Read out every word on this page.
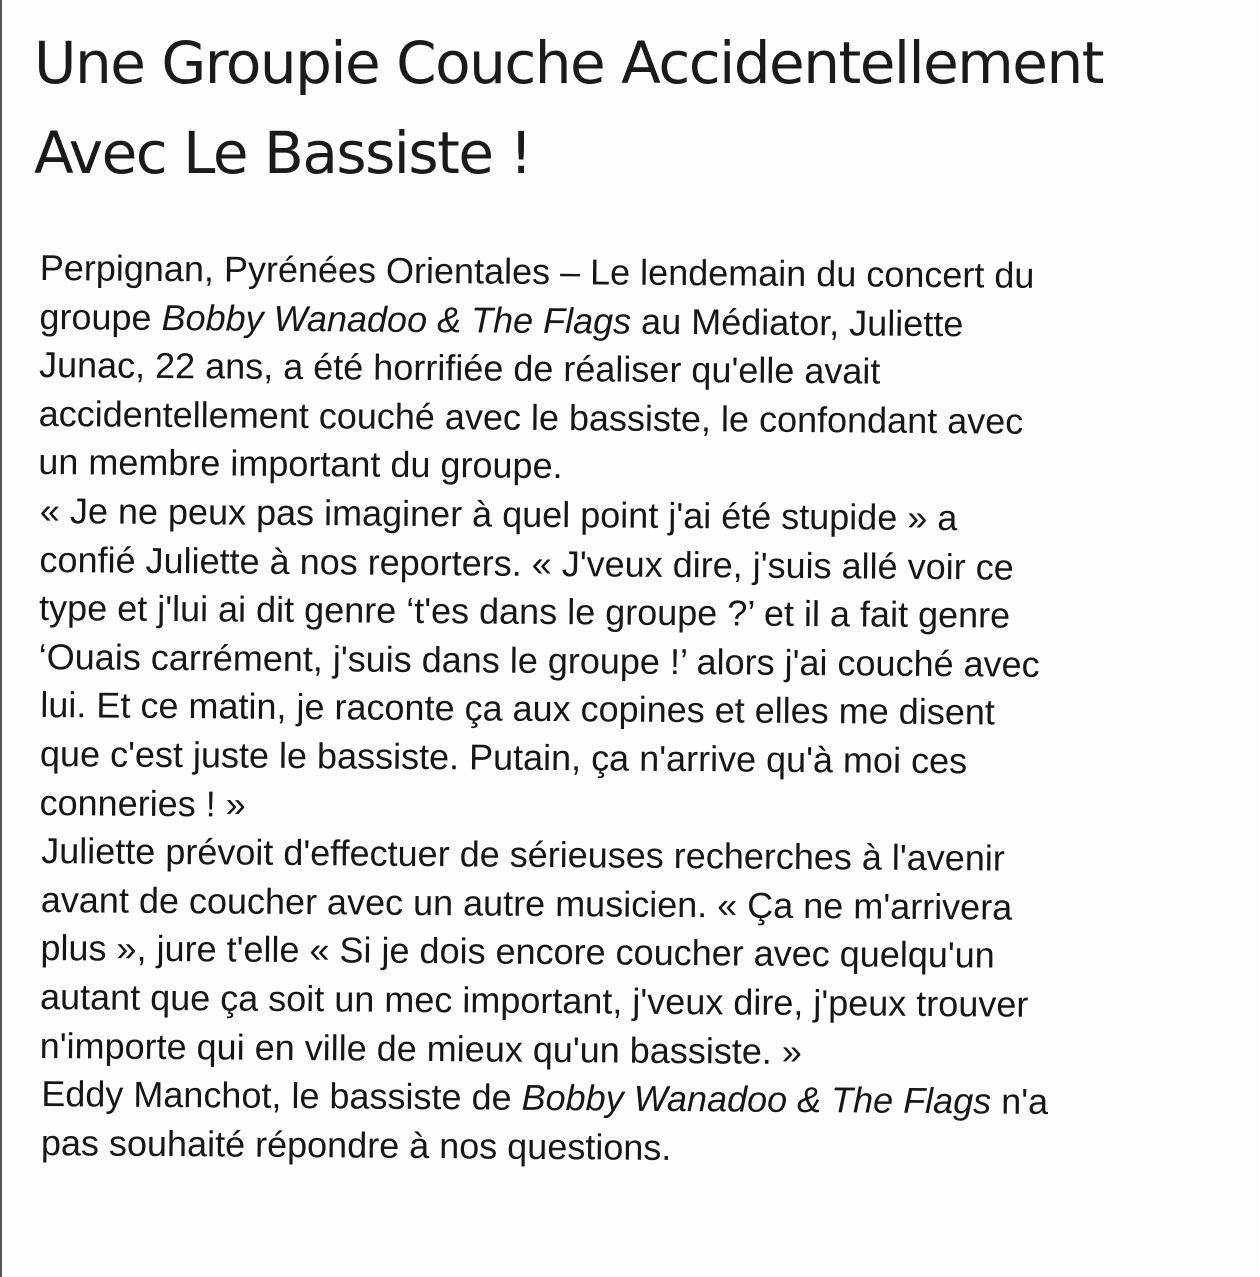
Une Groupie Couche Accidentellement
Avec Le Bassiste !
Perpignan, Pyrénées Orientales – Le lendemain du concert du
groupe Bobby Wanadoo & The Flags au Médiator, Juliette
Junac, 22 ans, a été horrifiée de réaliser qu'elle avait
accidentellement couché avec le bassiste, le confondant avec
un membre important du groupe.
« Je ne peux pas imaginer à quel point j'ai été stupide » a
confié Juliette à nos reporters. « J'veux dire, j'suis allé voir ce
type et j'lui ai dit genre ‘t'es dans le groupe ?’ et il a fait genre
‘Ouais carrément, j'suis dans le groupe !’ alors j'ai couché avec
lui. Et ce matin, je raconte ça aux copines et elles me disent
que c'est juste le bassiste. Putain, ça n'arrive qu'à moi ces
conneries ! »
Juliette prévoit d'effectuer de sérieuses recherches à l'avenir
avant de coucher avec un autre musicien. « Ça ne m'arrivera
plus », jure t'elle « Si je dois encore coucher avec quelqu'un
autant que ça soit un mec important, j'veux dire, j'peux trouver
n'importe qui en ville de mieux qu'un bassiste. »
Eddy Manchot, le bassiste de Bobby Wanadoo & The Flags n'a
pas souhaité répondre à nos questions.
